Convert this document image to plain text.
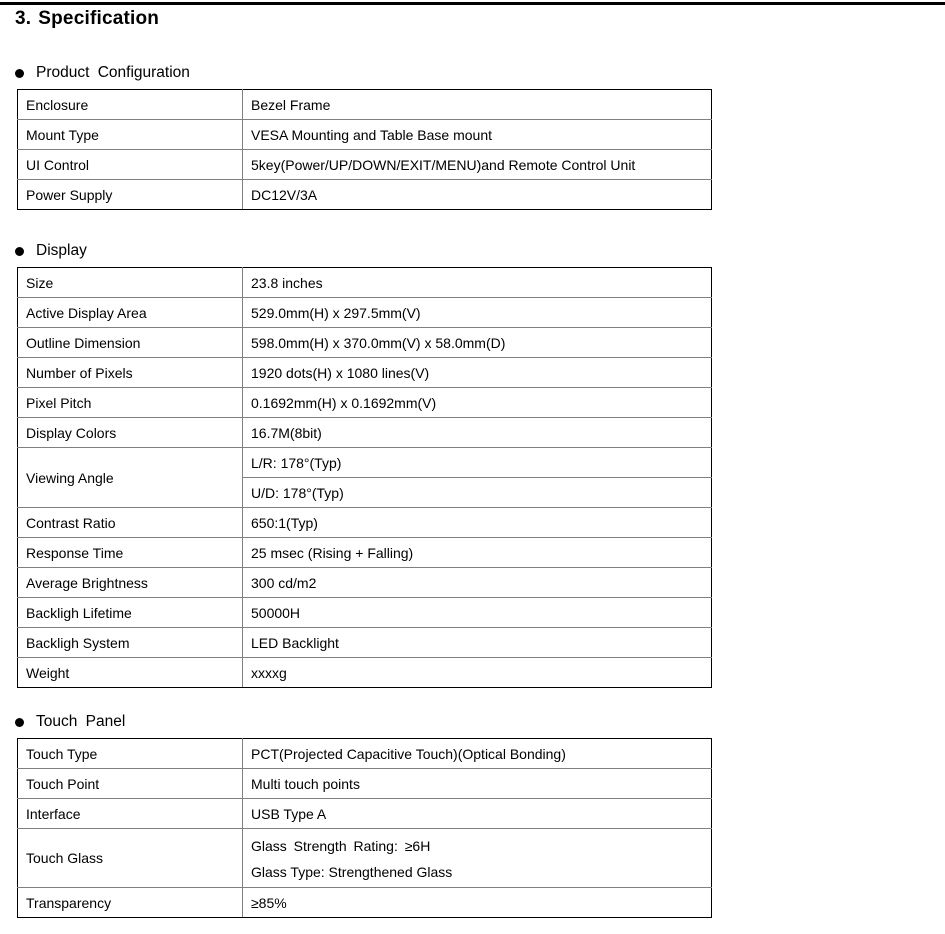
3. Specification
Product Configuration
Enclosure	Bezel Frame
Mount Type	VESA Mounting and Table Base mount
UI Control	5key(Power/UP/DOWN/EXIT/MENU)and Remote Control Unit
Power Supply	DC12V/3A
Display
Size	23.8 inches
Active Display Area	529.0mm(H) x 297.5mm(V)
Outline Dimension	598.0mm(H) x 370.0mm(V) x 58.0mm(D)
Number of Pixels	1920 dots(H) x 1080 lines(V)
Pixel Pitch	0.1692mm(H) x 0.1692mm(V)
Display Colors	16.7M(8bit)
Viewing Angle	L/R: 178°(Typ)
	U/D: 178°(Typ)
Contrast Ratio	650:1(Typ)
Response Time	25 msec (Rising + Falling)
Average Brightness	300 cd/m2
Backligh Lifetime	50000H
Backligh System	LED Backlight
Weight	xxxxg
Touch Panel
Touch Type	PCT(Projected Capacitive Touch)(Optical Bonding)
Touch Point	Multi touch points
Interface	USB Type A
Touch Glass	Glass Strength Rating: ≥6H
Glass Type: Strengthened Glass

Transparency	≥85%
